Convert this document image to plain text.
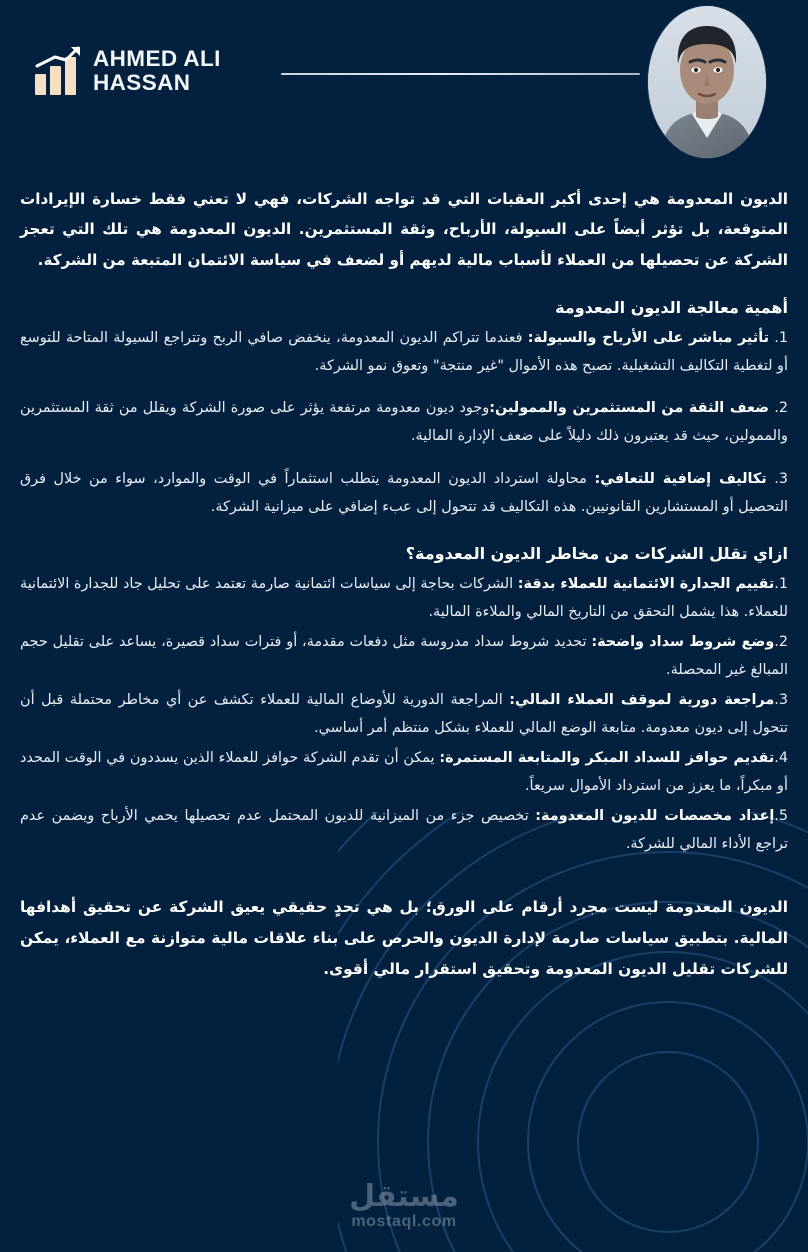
AHMED ALI
HASSAN

الديون المعدومة هي إحدى أكبر العقبات التي قد تواجه الشركات، فهي لا تعني فقط خسارة الإيرادات المتوقعة، بل تؤثر أيضاً على السيولة، الأرباح، وثقة المستثمرين. الديون المعدومة هي تلك التي تعجز الشركة عن تحصيلها من العملاء لأسباب مالية لديهم أو لضعف في سياسة الائتمان المتبعة من الشركة.

أهمية معالجة الديون المعدومة

1. تأثير مباشر على الأرباح والسيولة: فعندما تتراكم الديون المعدومة، ينخفض صافي الربح وتتراجع السيولة المتاحة للتوسع أو لتغطية التكاليف التشغيلية. تصبح هذه الأموال "غير منتجة" وتعوق نمو الشركة.

2. ضعف الثقة من المستثمرين والممولين:وجود ديون معدومة مرتفعة يؤثر على صورة الشركة ويقلل من ثقة المستثمرين والممولين، حيث قد يعتبرون ذلك دليلاً على ضعف الإدارة المالية.

3. تكاليف إضافية للتعافي: محاولة استرداد الديون المعدومة يتطلب استثماراً في الوقت والموارد، سواء من خلال فرق التحصيل أو المستشارين القانونيين. هذه التكاليف قد تتحول إلى عبء إضافي على ميزانية الشركة.

ازاي تقلل الشركات من مخاطر الديون المعدومة؟

1.تقييم الجدارة الائتمانية للعملاء بدقة: الشركات بحاجة إلى سياسات ائتمانية صارمة تعتمد على تحليل جاد للجدارة الائتمانية للعملاء. هذا يشمل التحقق من التاريخ المالي والملاءة المالية.

2.وضع شروط سداد واضحة: تحديد شروط سداد مدروسة مثل دفعات مقدمة، أو فترات سداد قصيرة، يساعد على تقليل حجم المبالغ غير المحصلة.

3.مراجعة دورية لموقف العملاء المالي: المراجعة الدورية للأوضاع المالية للعملاء تكشف عن أي مخاطر محتملة قبل أن تتحول إلى ديون معدومة. متابعة الوضع المالي للعملاء بشكل منتظم أمر أساسي.

4.تقديم حوافز للسداد المبكر والمتابعة المستمرة: يمكن أن تقدم الشركة حوافز للعملاء الذين يسددون في الوقت المحدد أو مبكراً، ما يعزز من استرداد الأموال سريعاً.

5.إعداد مخصصات للديون المعدومة: تخصيص جزء من الميزانية للديون المحتمل عدم تحصيلها يحمي الأرباح ويضمن عدم تراجع الأداء المالي للشركة.

الديون المعدومة ليست مجرد أرقام على الورق؛ بل هي تحدٍ حقيقي يعيق الشركة عن تحقيق أهدافها المالية. بتطبيق سياسات صارمة لإدارة الديون والحرص على بناء علاقات مالية متوازنة مع العملاء، يمكن للشركات تقليل الديون المعدومة وتحقيق استقرار مالي أقوى.

مستقل
mostaql.com
